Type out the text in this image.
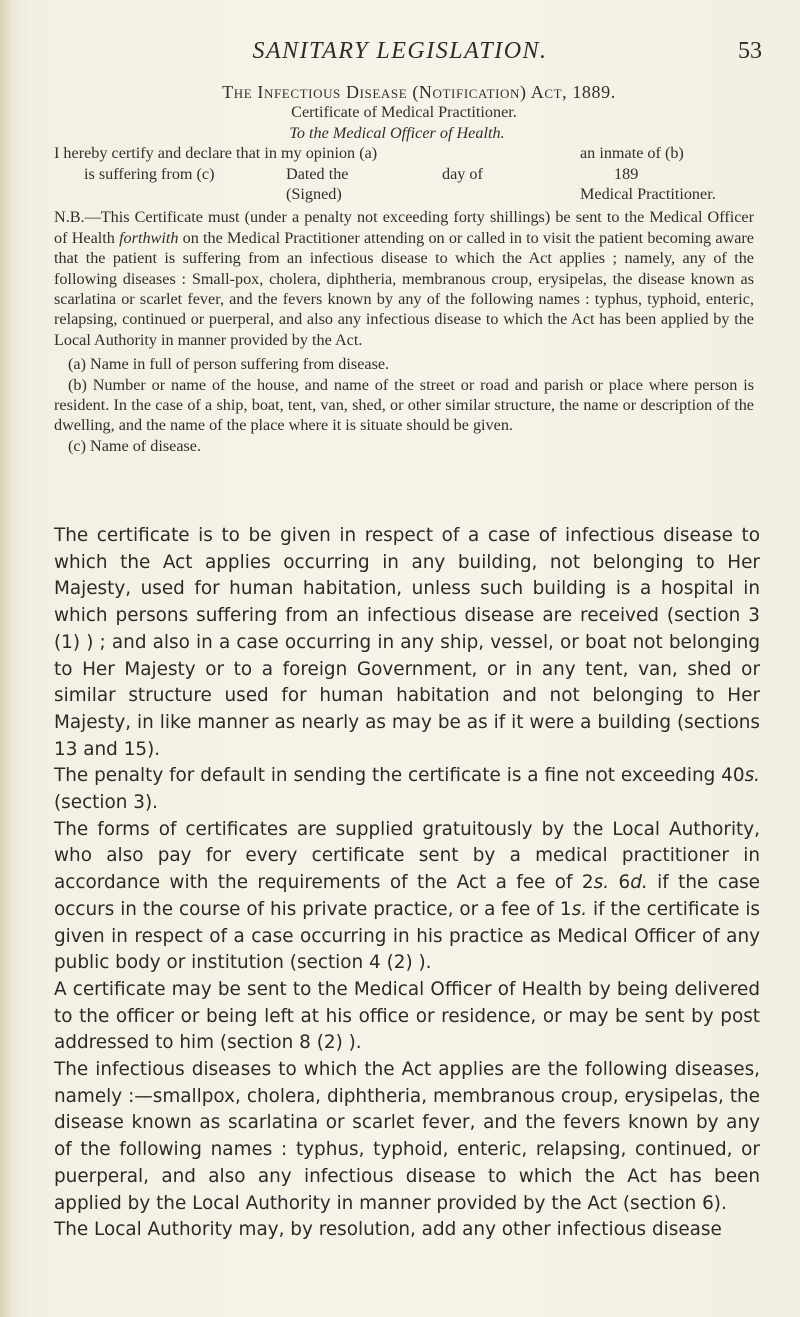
SANITARY LEGISLATION.	53
The Infectious Disease (Notification) Act, 1889.
Certificate of Medical Practitioner.
To the Medical Officer of Health.
I hereby certify and declare that in my opinion (a)	an inmate of (b)
is suffering from (c)	Dated the	day of	189
(Signed)	Medical Practitioner.

N.B.—This Certificate must (under a penalty not exceeding forty shillings) be sent to the Medical Officer of Health forthwith on the Medical Practitioner attending on or called in to visit the patient becoming aware that the patient is suffering from an infectious disease to which the Act applies ; namely, any of the following diseases : Small-pox, cholera, diphtheria, membranous croup, erysipelas, the disease known as scarlatina or scarlet fever, and the fevers known by any of the following names : typhus, typhoid, enteric, relapsing, continued or puerperal, and also any infectious disease to which the Act has been applied by the Local Authority in manner provided by the Act.

(a) Name in full of person suffering from disease.

(b) Number or name of the house, and name of the street or road and parish or place where person is resident. In the case of a ship, boat, tent, van, shed, or other similar structure, the name or description of the dwelling, and the name of the place where it is situate should be given.

(c) Name of disease.

The certificate is to be given in respect of a case of infectious disease to which the Act applies occurring in any building, not belonging to Her Majesty, used for human habitation, unless such building is a hospital in which persons suffering from an infectious disease are received (section 3 (1) ) ; and also in a case occurring in any ship, vessel, or boat not belonging to Her Majesty or to a foreign Government, or in any tent, van, shed or similar structure used for human habitation and not belonging to Her Majesty, in like manner as nearly as may be as if it were a building (sections 13 and 15).

The penalty for default in sending the certificate is a fine not exceeding 40s. (section 3).

The forms of certificates are supplied gratuitously by the Local Authority, who also pay for every certificate sent by a medical practitioner in accordance with the requirements of the Act a fee of 2s. 6d. if the case occurs in the course of his private practice, or a fee of 1s. if the certificate is given in respect of a case occurring in his practice as Medical Officer of any public body or institution (section 4 (2) ).

A certificate may be sent to the Medical Officer of Health by being delivered to the officer or being left at his office or residence, or may be sent by post addressed to him (section 8 (2) ).

The infectious diseases to which the Act applies are the following diseases, namely :—smallpox, cholera, diphtheria, membranous croup, erysipelas, the disease known as scarlatina or scarlet fever, and the fevers known by any of the following names : typhus, typhoid, enteric, relapsing, continued, or puerperal, and also any infectious disease to which the Act has been applied by the Local Authority in manner provided by the Act (section 6).

The Local Authority may, by resolution, add any other infectious disease
